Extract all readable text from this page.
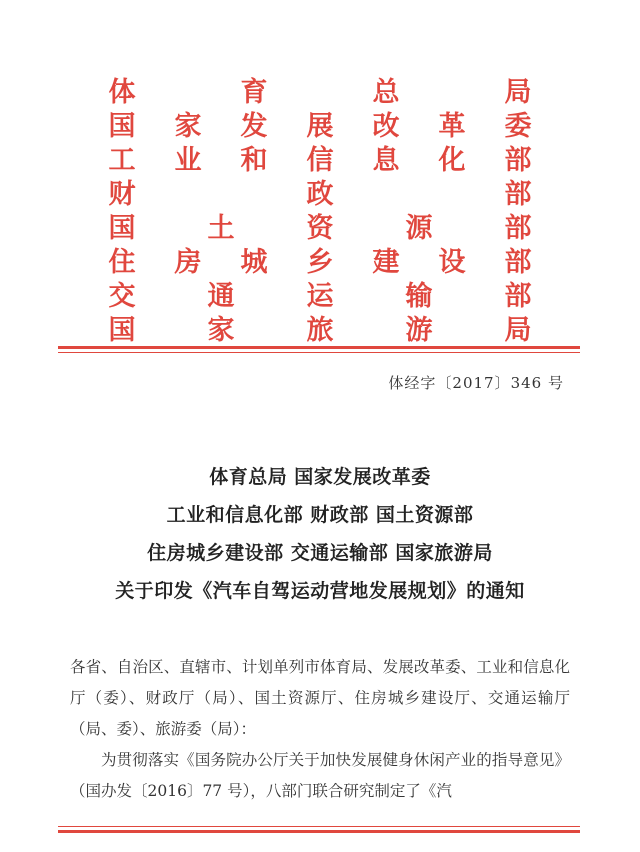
体	育	总	局
国 家 发 展 改 革 委
工 业 和 信 息 化 部
财	政	部
国	土	资	源	部
住 房 城 乡 建 设 部
交	通	运	输	部
国	家	旅	游	局
体经字〔2017〕346 号
体育总局 国家发展改革委
工业和信息化部 财政部 国土资源部
住房城乡建设部 交通运输部 国家旅游局
关于印发《汽车自驾运动营地发展规划》的通知

各省、自治区、直辖市、计划单列市体育局、发展改革委、工业和信息化厅（委）、财政厅（局）、国土资源厅、住房城乡建设厅、交通运输厅（局、委）、旅游委（局）：

为贯彻落实《国务院办公厅关于加快发展健身休闲产业的指导意见》（国办发〔2016〕77 号），八部门联合研究制定了《汽
